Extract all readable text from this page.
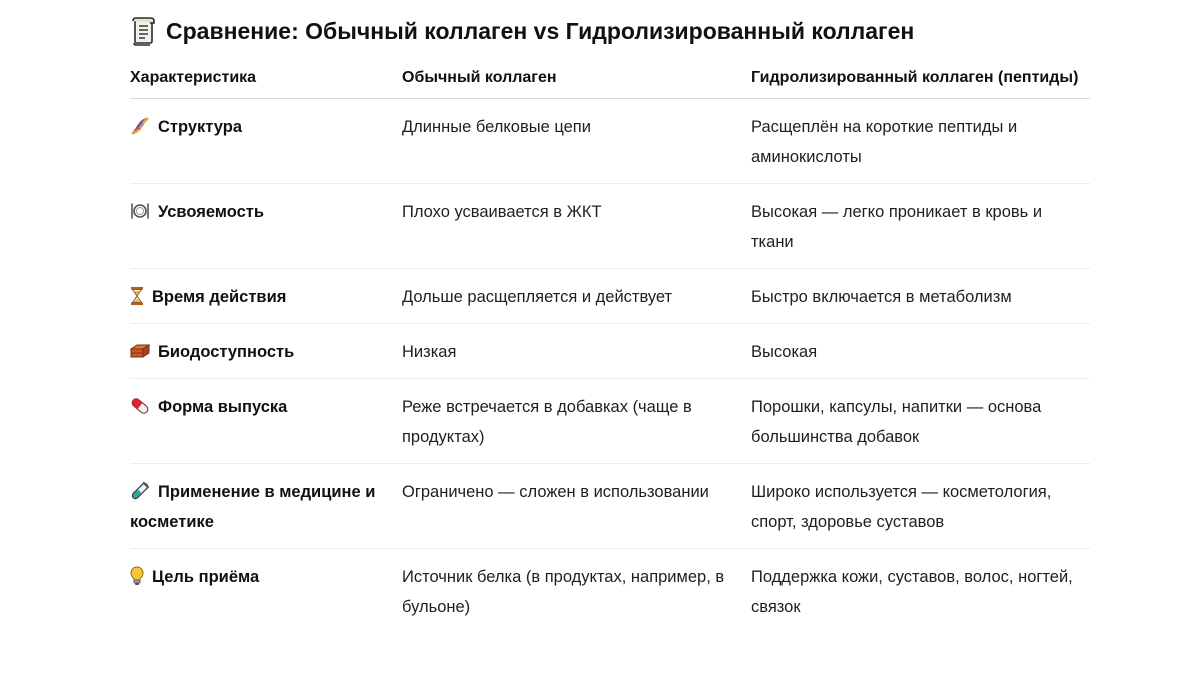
Сравнение: Обычный коллаген vs Гидролизированный коллаген
Характеристика	Обычный коллаген	Гидролизированный коллаген (пептиды)

Структура	Длинные белковые цепи	Расщеплён на короткие пептиды и аминокислоты

Усвояемость	Плохо усваивается в ЖКТ	Высокая — легко проникает в кровь и ткани

Время действия	Дольше расщепляется и действует	Быстро включается в метаболизм

Биодоступность	Низкая	Высокая

Форма выпуска	Реже встречается в добавках (чаще в продуктах)	Порошки, капсулы, напитки — основа большинства добавок

Применение в медицине и косметике	Ограничено — сложен в использовании	Широко используется — косметология, спорт, здоровье суставов

Цель приёма	Источник белка (в продуктах, например, в бульоне)	Поддержка кожи, суставов, волос, ногтей, связок
